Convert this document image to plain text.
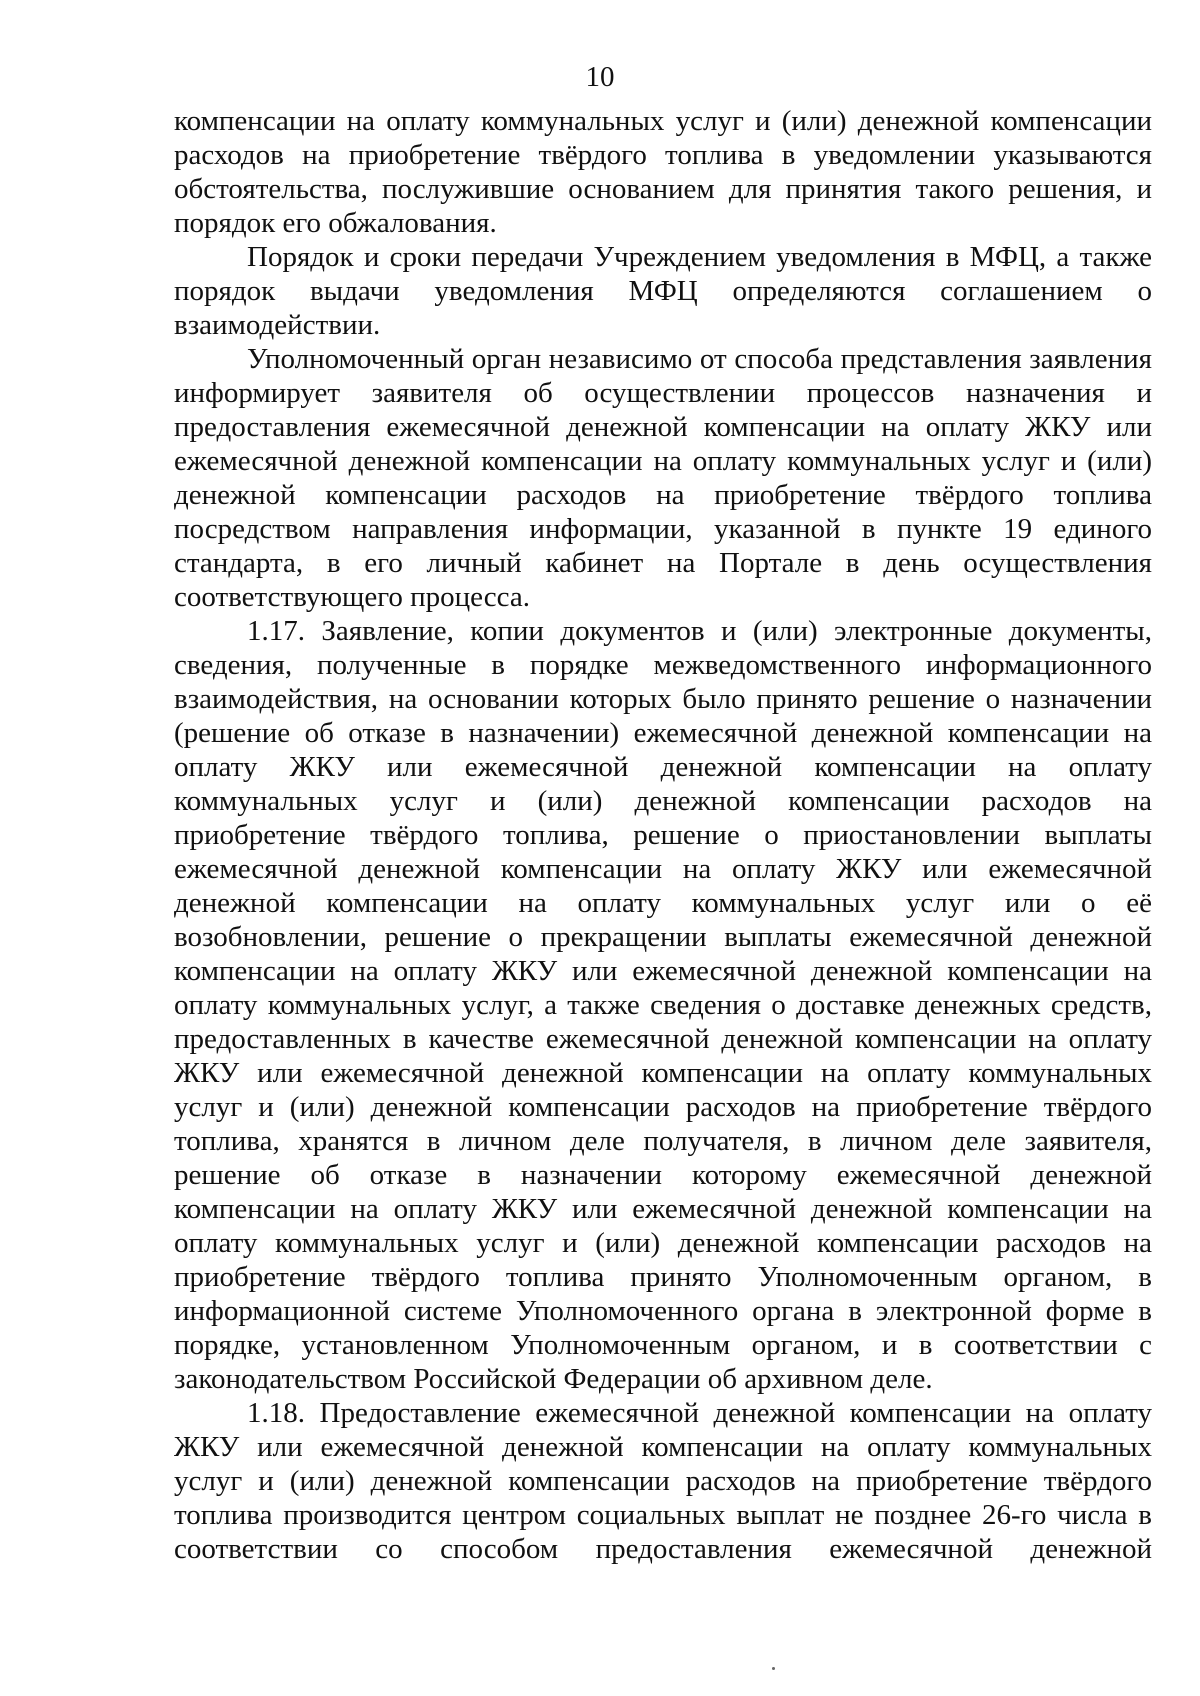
10

компенсации на оплату коммунальных услуг и (или) денежной компенсации расходов на приобретение твёрдого топлива в уведомлении указываются обстоятельства, послужившие основанием для принятия такого решения, и порядок его обжалования.

Порядок и сроки передачи Учреждением уведомления в МФЦ, а также порядок выдачи уведомления МФЦ определяются соглашением о взаимодействии.

Уполномоченный орган независимо от способа представления заявления информирует заявителя об осуществлении процессов назначения и предоставления ежемесячной денежной компенсации на оплату ЖКУ или ежемесячной денежной компенсации на оплату коммунальных услуг и (или) денежной компенсации расходов на приобретение твёрдого топлива посредством направления информации, указанной в пункте 19 единого стандарта, в его личный кабинет на Портале в день осуществления соответствующего процесса.

1.17. Заявление, копии документов и (или) электронные документы, сведения, полученные в порядке межведомственного информационного взаимодействия, на основании которых было принято решение о назначении (решение об отказе в назначении) ежемесячной денежной компенсации на оплату ЖКУ или ежемесячной денежной компенсации на оплату коммунальных услуг и (или) денежной компенсации расходов на приобретение твёрдого топлива, решение о приостановлении выплаты ежемесячной денежной компенсации на оплату ЖКУ или ежемесячной денежной компенсации на оплату коммунальных услуг или о её возобновлении, решение о прекращении выплаты ежемесячной денежной компенсации на оплату ЖКУ или ежемесячной денежной компенсации на оплату коммунальных услуг, а также сведения о доставке денежных средств, предоставленных в качестве ежемесячной денежной компенсации на оплату ЖКУ или ежемесячной денежной компенсации на оплату коммунальных услуг и (или) денежной компенсации расходов на приобретение твёрдого топлива, хранятся в личном деле получателя, в личном деле заявителя, решение об отказе в назначении которому ежемесячной денежной компенсации на оплату ЖКУ или ежемесячной денежной компенсации на оплату коммунальных услуг и (или) денежной компенсации расходов на приобретение твёрдого топлива принято Уполномоченным органом, в информационной системе Уполномоченного органа в электронной форме в порядке, установленном Уполномоченным органом, и в соответствии с законодательством Российской Федерации об архивном деле.

1.18. Предоставление ежемесячной денежной компенсации на оплату ЖКУ или ежемесячной денежной компенсации на оплату коммунальных услуг и (или) денежной компенсации расходов на приобретение твёрдого топлива производится центром социальных выплат не позднее 26-го числа в соответствии со способом предоставления ежемесячной денежной
